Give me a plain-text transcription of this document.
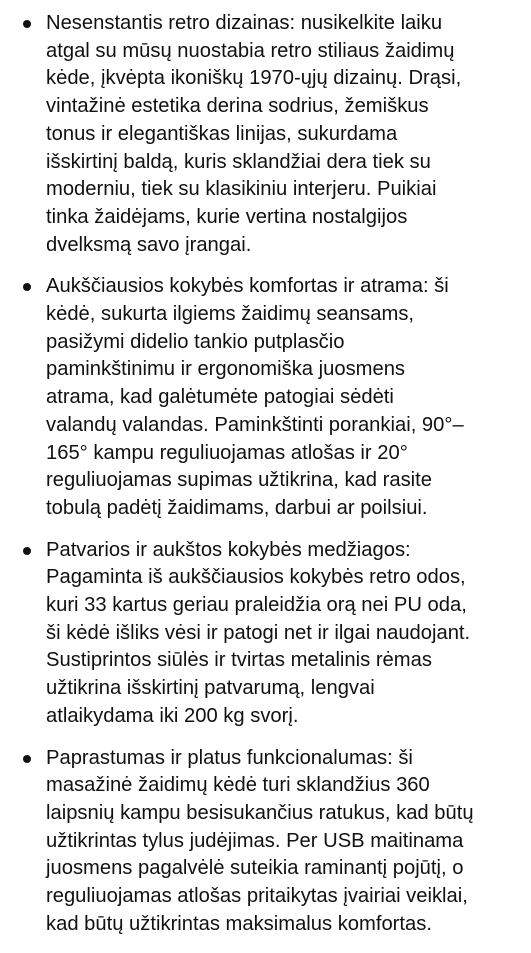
Nesenstantis retro dizainas: nusikelkite laiku
atgal su mūsų nuostabia retro stiliaus žaidimų
kėde, įkvėpta ikoniškų 1970-ųjų dizainų. Drąsi,
vintažinė estetika derina sodrius, žemiškus
tonus ir elegantiškas linijas, sukurdama
išskirtinį baldą, kuris sklandžiai dera tiek su
moderniu, tiek su klasikiniu interjeru. Puikiai
tinka žaidėjams, kurie vertina nostalgijos
dvelksmą savo įrangai.
Aukščiausios kokybės komfortas ir atrama: ši
kėdė, sukurta ilgiems žaidimų seansams,
pasižymi didelio tankio putplasčio
paminkštinimu ir ergonomiška juosmens
atrama, kad galėtumėte patogiai sėdėti
valandų valandas. Paminkštinti porankiai, 90°–
165° kampu reguliuojamas atlošas ir 20°
reguliuojamas supimas užtikrina, kad rasite
tobulą padėtį žaidimams, darbui ar poilsiui.
Patvarios ir aukštos kokybės medžiagos:
Pagaminta iš aukščiausios kokybės retro odos,
kuri 33 kartus geriau praleidžia orą nei PU oda,
ši kėdė išliks vėsi ir patogi net ir ilgai naudojant.
Sustiprintos siūlės ir tvirtas metalinis rėmas
užtikrina išskirtinį patvarumą, lengvai
atlaikydama iki 200 kg svorį.
Paprastumas ir platus funkcionalumas: ši
masažinė žaidimų kėdė turi sklandžius 360
laipsnių kampu besisukančius ratukus, kad būtų
užtikrintas tylus judėjimas. Per USB maitinama
juosmens pagalvėlė suteikia raminantį pojūtį, o
reguliuojamas atlošas pritaikytas įvairiai veiklai,
kad būtų užtikrintas maksimalus komfortas.
